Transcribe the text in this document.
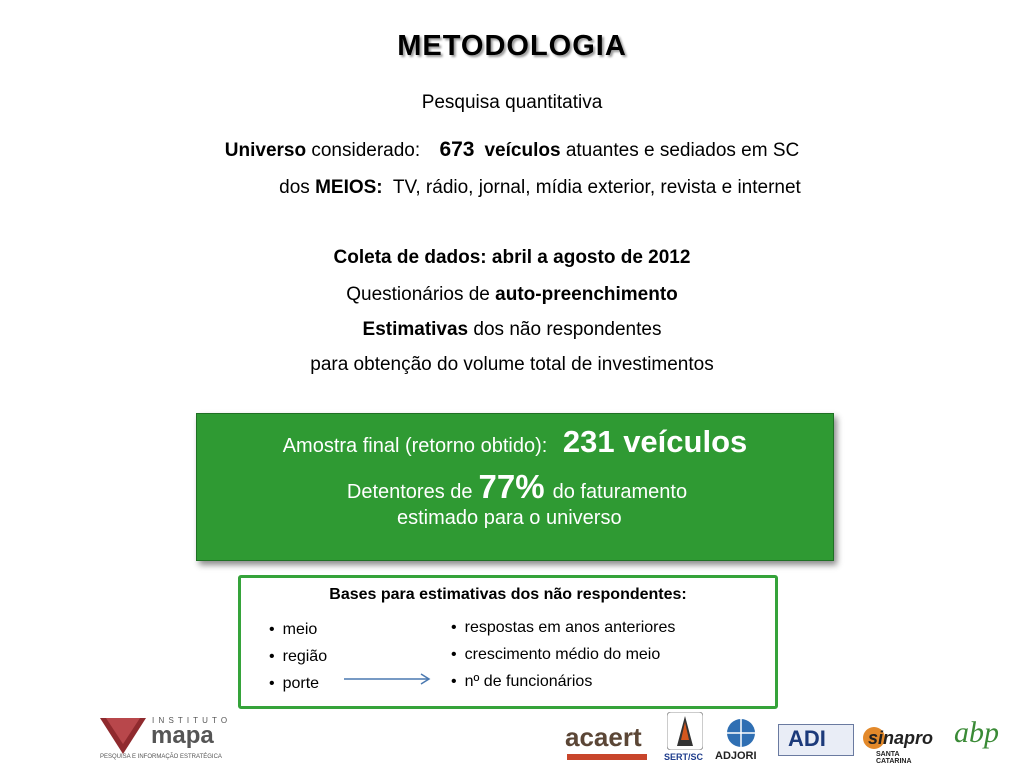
METODOLOGIA
Pesquisa quantitativa
Universo considerado: 673 veículos atuantes e sediados em SC
dos MEIOS: TV, rádio, jornal, mídia exterior, revista e internet
Coleta de dados: abril a agosto de 2012
Questionários de auto-preenchimento
Estimativas dos não respondentes
para obtenção do volume total de investimentos
Amostra final (retorno obtido): 231 veículos
Detentores de 77% do faturamento
estimado para o universo
Bases para estimativas dos não respondentes:
• meio
• região
• porte
• respostas em anos anteriores
• crescimento médio do meio
• nº de funcionários
I N S T I T U T O
mapa
PESQUISA E INFORMAÇÃO ESTRATÉGICA
acaert
SERT/SC ADJORI
ADI sinapro
SANTA CATARINA
abp
